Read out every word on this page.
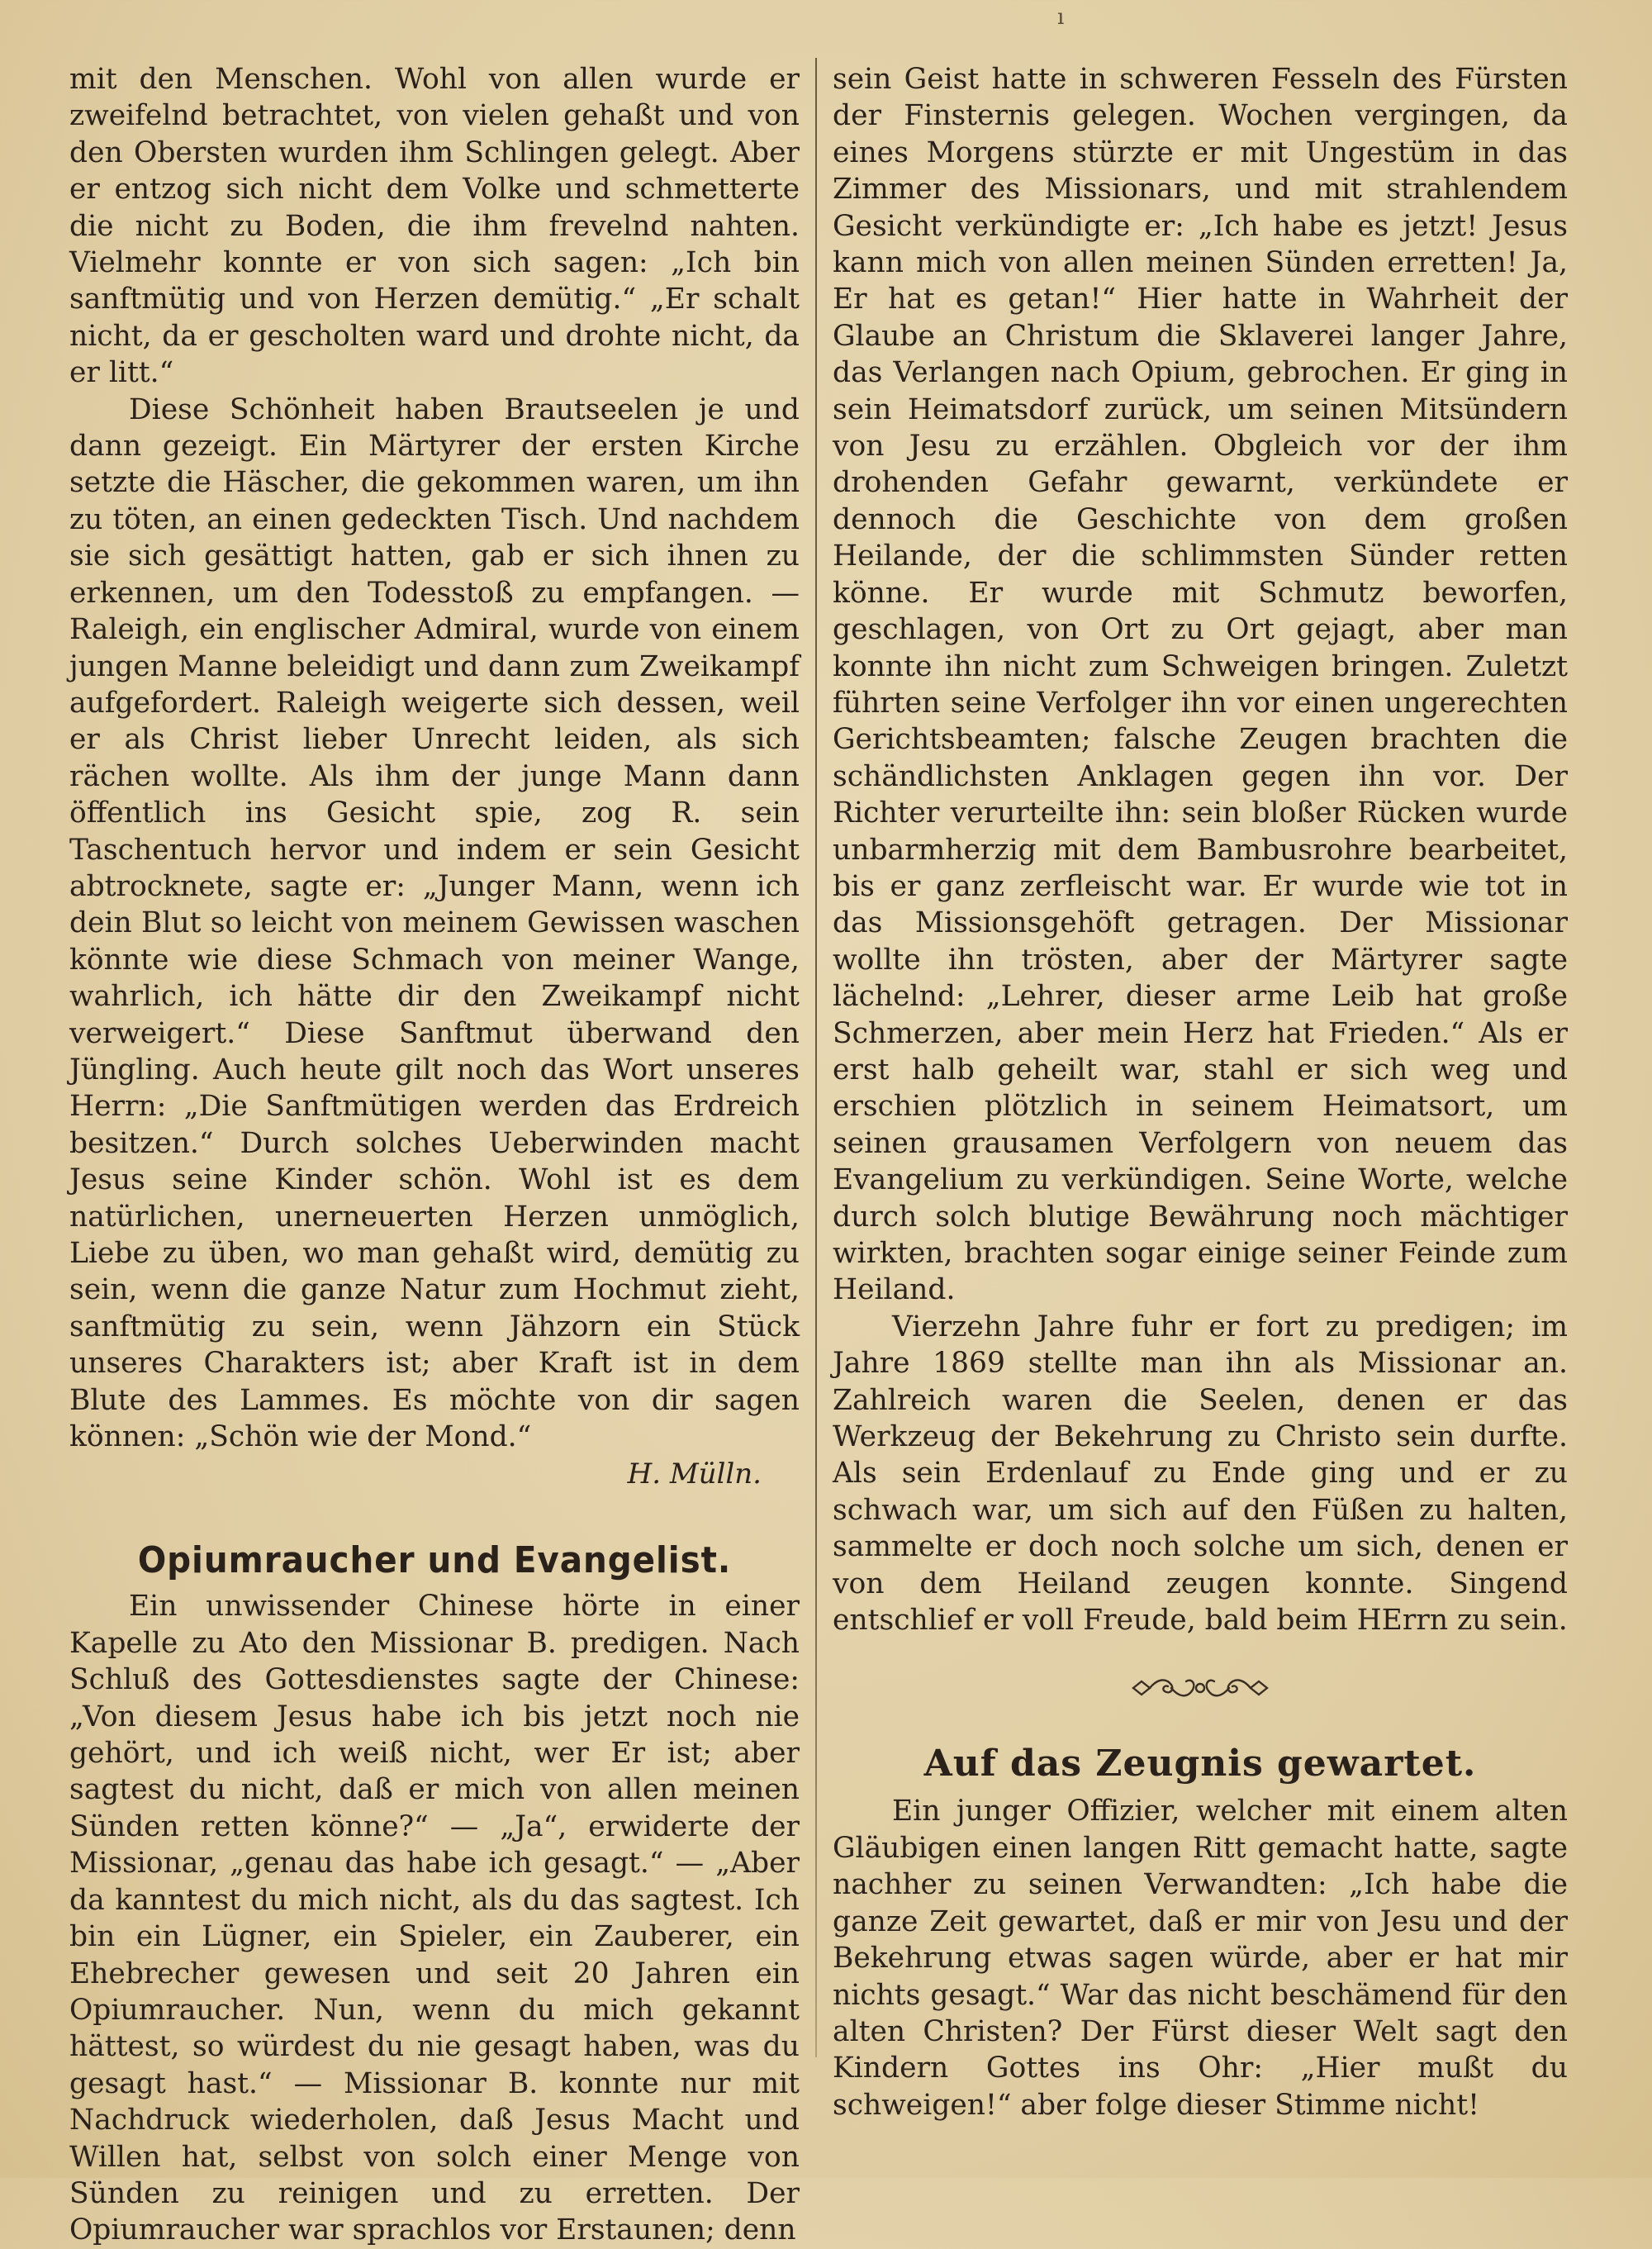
ı

mit den Menschen. Wohl von allen wurde er zweifelnd betrachtet, von vielen gehaßt und von den Obersten wurden ihm Schlingen gelegt. Aber er entzog sich nicht dem Volke und schmetterte die nicht zu Boden, die ihm frevelnd nahten. Vielmehr konnte er von sich sagen: „Ich bin sanftmütig und von Herzen demütig.“ „Er schalt nicht, da er gescholten ward und drohte nicht, da er litt.“

Diese Schönheit haben Brautseelen je und dann gezeigt. Ein Märtyrer der ersten Kirche setzte die Häscher, die gekommen waren, um ihn zu töten, an einen gedeckten Tisch. Und nachdem sie sich gesättigt hatten, gab er sich ihnen zu erkennen, um den Todesstoß zu empfangen. — Raleigh, ein englischer Admiral, wurde von einem jungen Manne beleidigt und dann zum Zweikampf aufgefordert. Raleigh weigerte sich dessen, weil er als Christ lieber Unrecht leiden, als sich rächen wollte. Als ihm der junge Mann dann öffentlich ins Gesicht spie, zog R. sein Taschentuch hervor und indem er sein Gesicht abtrocknete, sagte er: „Junger Mann, wenn ich dein Blut so leicht von meinem Gewissen waschen könnte wie diese Schmach von meiner Wange, wahrlich, ich hätte dir den Zweikampf nicht verweigert.“ Diese Sanftmut überwand den Jüngling. Auch heute gilt noch das Wort unseres Herrn: „Die Sanftmütigen werden das Erdreich besitzen.“ Durch solches Ueberwinden macht Jesus seine Kinder schön. Wohl ist es dem natürlichen, unerneuerten Herzen unmöglich, Liebe zu üben, wo man gehaßt wird, demütig zu sein, wenn die ganze Natur zum Hochmut zieht, sanftmütig zu sein, wenn Jähzorn ein Stück unseres Charakters ist; aber Kraft ist in dem Blute des Lammes. Es möchte von dir sagen können: „Schön wie der Mond.“

H. Mülln.
Opiumraucher und Evangelist.

Ein unwissender Chinese hörte in einer Kapelle zu Ato den Missionar B. predigen. Nach Schluß des Gottesdienstes sagte der Chinese: „Von diesem Jesus habe ich bis jetzt noch nie gehört, und ich weiß nicht, wer Er ist; aber sagtest du nicht, daß er mich von allen meinen Sünden retten könne?“ — „Ja“, erwiderte der Missionar, „genau das habe ich gesagt.“ — „Aber da kanntest du mich nicht, als du das sagtest. Ich bin ein Lügner, ein Spieler, ein Zauberer, ein Ehebrecher gewesen und seit 20 Jahren ein Opiumraucher. Nun, wenn du mich gekannt hättest, so würdest du nie gesagt haben, was du gesagt hast.“ — Missionar B. konnte nur mit Nachdruck wiederholen, daß Jesus Macht und Willen hat, selbst von solch einer Menge von Sünden zu reinigen und zu erretten. Der Opiumraucher war sprachlos vor Erstaunen; denn

sein Geist hatte in schweren Fesseln des Fürsten der Finsternis gelegen. Wochen vergingen, da eines Morgens stürzte er mit Ungestüm in das Zimmer des Missionars, und mit strahlendem Gesicht verkündigte er: „Ich habe es jetzt! Jesus kann mich von allen meinen Sünden erretten! Ja, Er hat es getan!“ Hier hatte in Wahrheit der Glaube an Christum die Sklaverei langer Jahre, das Verlangen nach Opium, gebrochen. Er ging in sein Heimatsdorf zurück, um seinen Mitsündern von Jesu zu erzählen. Obgleich vor der ihm drohenden Gefahr gewarnt, verkündete er dennoch die Geschichte von dem großen Heilande, der die schlimmsten Sünder retten könne. Er wurde mit Schmutz beworfen, geschlagen, von Ort zu Ort gejagt, aber man konnte ihn nicht zum Schweigen bringen. Zuletzt führten seine Verfolger ihn vor einen ungerechten Gerichtsbeamten; falsche Zeugen brachten die schändlichsten Anklagen gegen ihn vor. Der Richter verurteilte ihn: sein bloßer Rücken wurde unbarmherzig mit dem Bambusrohre bearbeitet, bis er ganz zerfleischt war. Er wurde wie tot in das Missionsgehöft getragen. Der Missionar wollte ihn trösten, aber der Märtyrer sagte lächelnd: „Lehrer, dieser arme Leib hat große Schmerzen, aber mein Herz hat Frieden.“ Als er erst halb geheilt war, stahl er sich weg und erschien plötzlich in seinem Heimatsort, um seinen grausamen Verfolgern von neuem das Evangelium zu verkündigen. Seine Worte, welche durch solch blutige Bewährung noch mächtiger wirkten, brachten sogar einige seiner Feinde zum Heiland.

Vierzehn Jahre fuhr er fort zu predigen; im Jahre 1869 stellte man ihn als Missionar an. Zahlreich waren die Seelen, denen er das Werkzeug der Bekehrung zu Christo sein durfte. Als sein Erdenlauf zu Ende ging und er zu schwach war, um sich auf den Füßen zu halten, sammelte er doch noch solche um sich, denen er von dem Heiland zeugen konnte. Singend entschlief er voll Freude, bald beim HErrn zu sein.

Auf das Zeugnis gewartet.

Ein junger Offizier, welcher mit einem alten Gläubigen einen langen Ritt gemacht hatte, sagte nachher zu seinen Verwandten: „Ich habe die ganze Zeit gewartet, daß er mir von Jesu und der Bekehrung etwas sagen würde, aber er hat mir nichts gesagt.“ War das nicht beschämend für den alten Christen? Der Fürst dieser Welt sagt den Kindern Gottes ins Ohr: „Hier mußt du schweigen!“ aber folge dieser Stimme nicht!
